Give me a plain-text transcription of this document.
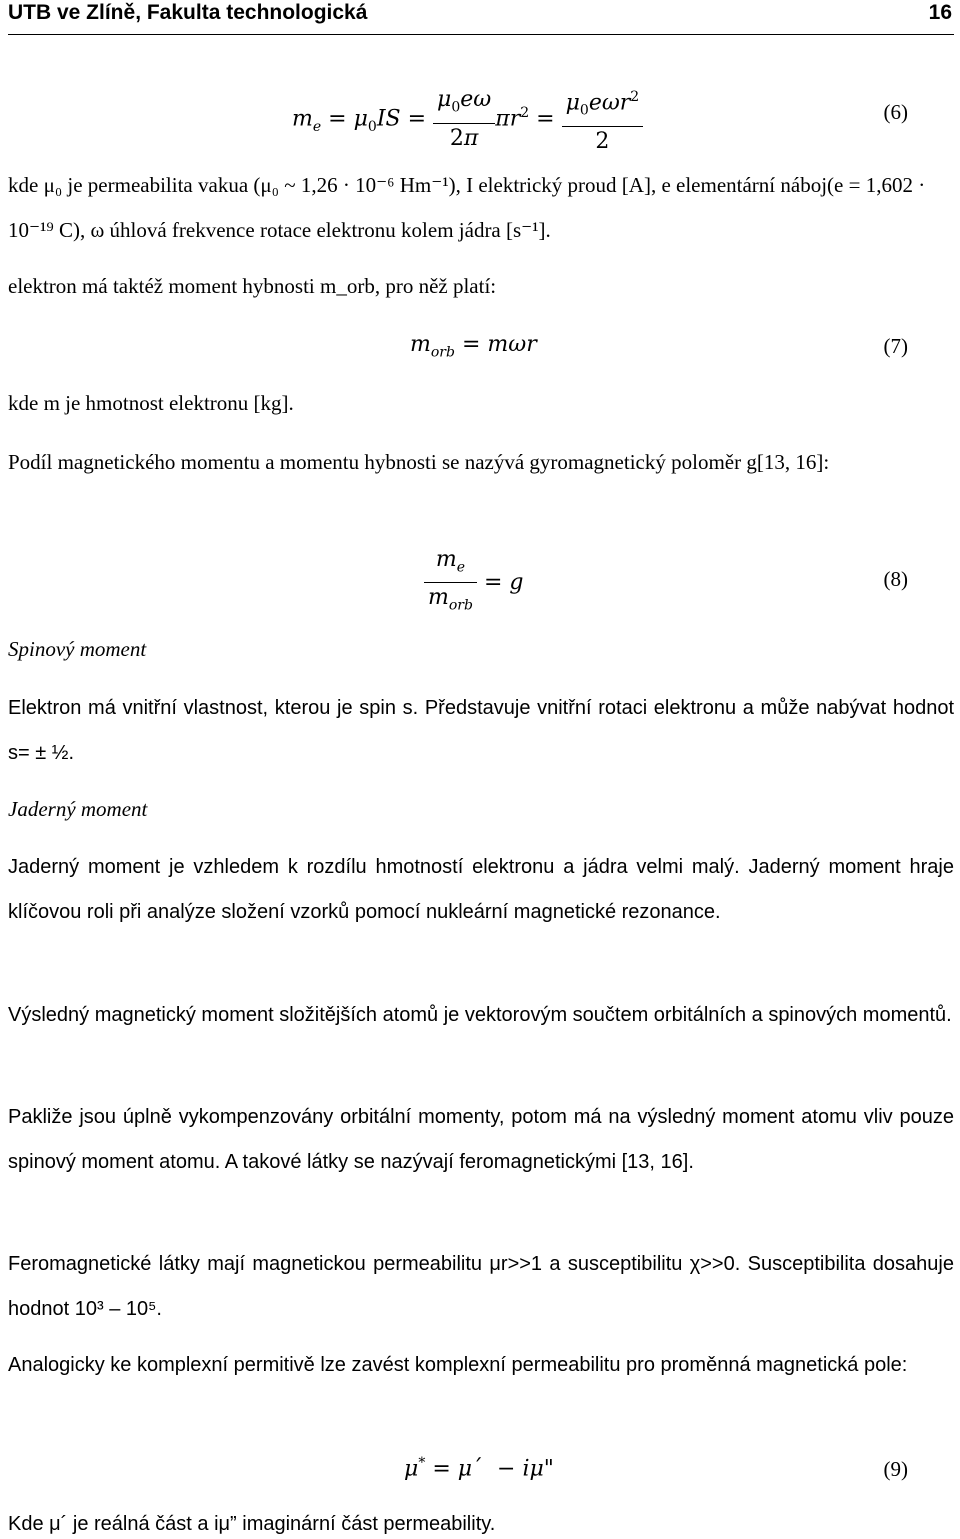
UTB ve Zlíně, Fakulta technologická	16
$m_e = \mu_0IS = \frac{\mu_0e\omega}{2\pi} \pi r^2 = \frac{\mu_0e\omega r^2}{2}$	(6)
kde μ₀ je permeabilita vakua (μ₀ ~ 1,26 · 10⁻⁶ Hm⁻¹), I elektrický proud [A], e elementární náboj(e = 1,602 · 10⁻¹⁹ C), ω úhlová frekvence rotace elektronu kolem jádra [s⁻¹].
elektron má taktéž moment hybnosti m_orb, pro něž platí:
$m_{orb} = m\omega r$	(7)
kde m je hmotnost elektronu [kg].
Podíl magnetického momentu a momentu hybnosti se nazývá gyromagnetický poloměr g[13, 16]:
$\frac{m_e}{m_{orb}} = g$	(8)
Spinový moment
Elektron má vnitřní vlastnost, kterou je spin s. Představuje vnitřní rotaci elektronu a může nabývat hodnot s= ± ½.
Jaderný moment
Jaderný moment je vzhledem k rozdílu hmotností elektronu a jádra velmi malý. Jaderný moment hraje klíčovou roli při analýze složení vzorků pomocí nukleární magnetické rezonance.
Výsledný magnetický moment složitějších atomů je vektorovým součtem orbitálních a spinových momentů.
Pakliže jsou úplně vykompenzovány orbitální momenty, potom má na výsledný moment atomu vliv pouze spinový moment atomu. A takové látky se nazývají feromagnetickými [13, 16].
Feromagnetické látky mají magnetickou permeabilitu μr>>1 a susceptibilitu χ>>0. Susceptibilita dosahuje hodnot 10³ – 10⁵.
Analogicky ke komplexní permitivě lze zavést komplexní permeabilitu pro proměnná magnetická pole:
μ* = μ´  − iμ"	(9)
Kde μ´ je reálná část a iμ” imaginární část permeability.
